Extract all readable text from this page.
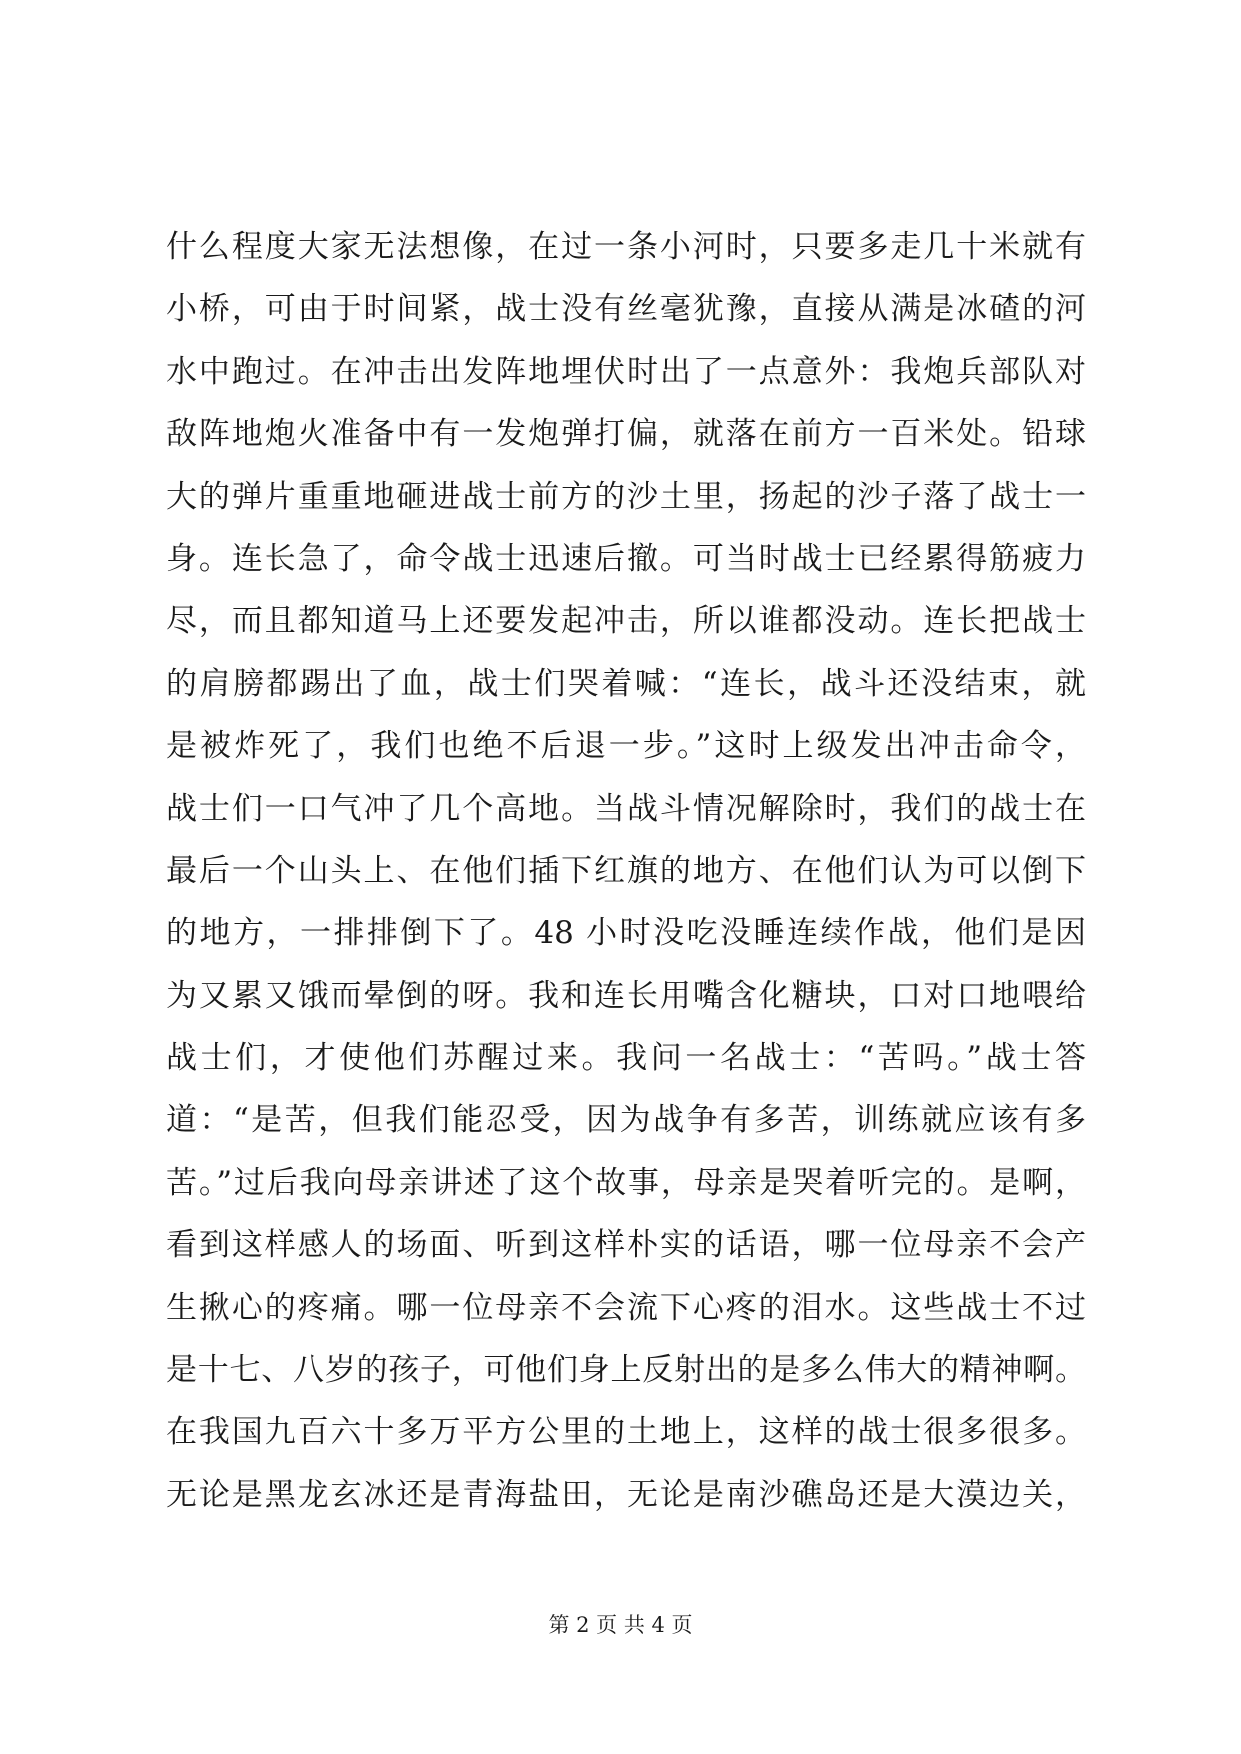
什么程度大家无法想像，在过一条小河时，只要多走几十米就有
小桥，可由于时间紧，战士没有丝毫犹豫，直接从满是冰碴的河
水中跑过。在冲击出发阵地埋伏时出了一点意外：我炮兵部队对
敌阵地炮火准备中有一发炮弹打偏，就落在前方一百米处。铅球
大的弹片重重地砸进战士前方的沙土里，扬起的沙子落了战士一
身。连长急了，命令战士迅速后撤。可当时战士已经累得筋疲力
尽，而且都知道马上还要发起冲击，所以谁都没动。连长把战士
的肩膀都踢出了血，战士们哭着喊：“连长，战斗还没结束，就
是被炸死了，我们也绝不后退一步。”这时上级发出冲击命令，
战士们一口气冲了几个高地。当战斗情况解除时，我们的战士在
最后一个山头上、在他们插下红旗的地方、在他们认为可以倒下
的地方，一排排倒下了。48 小时没吃没睡连续作战，他们是因
为又累又饿而晕倒的呀。我和连长用嘴含化糖块，口对口地喂给
战士们，才使他们苏醒过来。我问一名战士：“苦吗。”战士答
道：“是苦，但我们能忍受，因为战争有多苦，训练就应该有多
苦。”过后我向母亲讲述了这个故事，母亲是哭着听完的。是啊，
看到这样感人的场面、听到这样朴实的话语，哪一位母亲不会产
生揪心的疼痛。哪一位母亲不会流下心疼的泪水。这些战士不过
是十七、八岁的孩子，可他们身上反射出的是多么伟大的精神啊。
在我国九百六十多万平方公里的土地上，这样的战士很多很多。
无论是黑龙玄冰还是青海盐田，无论是南沙礁岛还是大漠边关，
第 2 页 共 4 页
